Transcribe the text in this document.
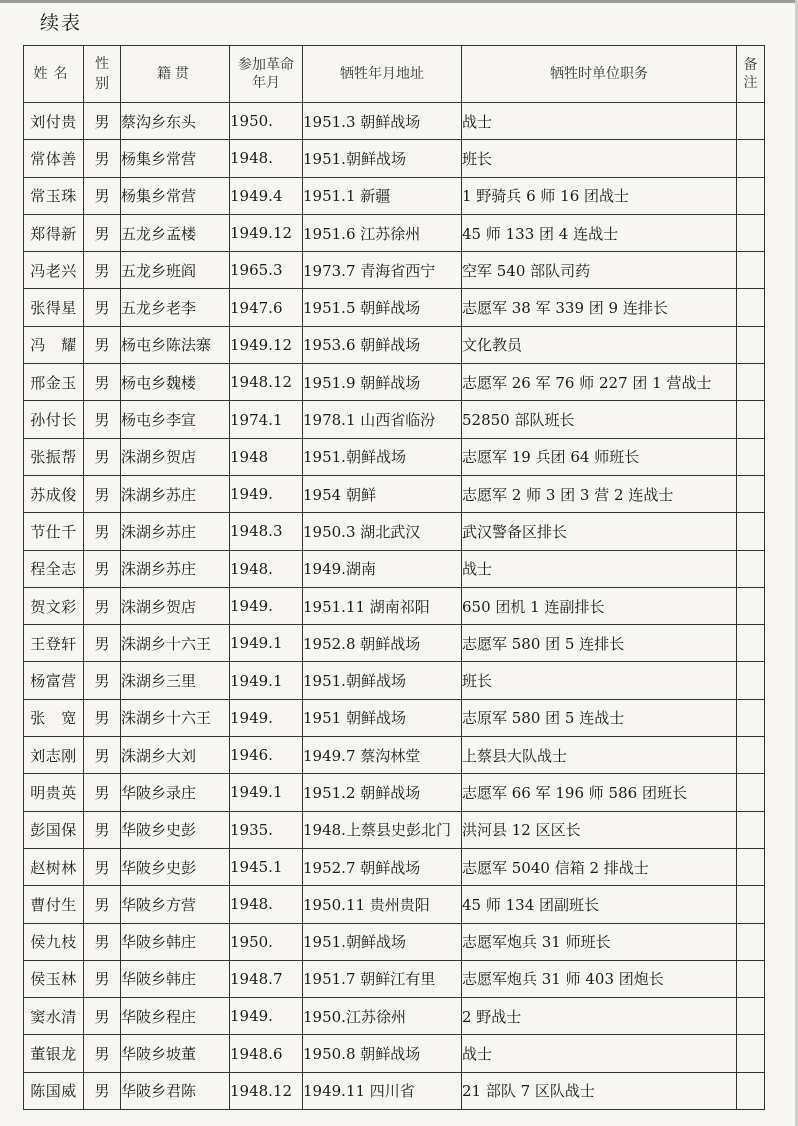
续表
姓名	性别	籍贯	参加革命年月	牺牲年月地址	牺牲时单位职务	备注

刘付贵	男	蔡沟乡东头	1950.	1951.3 朝鲜战场	战士	
常体善	男	杨集乡常营	1948.	1951.朝鲜战场	班长	
常玉珠	男	杨集乡常营	1949.4	1951.1 新疆	1 野骑兵 6 师 16 团战士	
郑得新	男	五龙乡孟楼	1949.12	1951.6 江苏徐州	45 师 133 团 4 连战士	
冯老兴	男	五龙乡班阎	1965.3	1973.7 青海省西宁	空军 540 部队司药	
张得星	男	五龙乡老李	1947.6	1951.5 朝鲜战场	志愿军 38 军 339 团 9 连排长	
冯　耀	男	杨屯乡陈法寨	1949.12	1953.6 朝鲜战场	文化教员	
邢金玉	男	杨屯乡魏楼	1948.12	1951.9 朝鲜战场	志愿军 26 军 76 师 227 团 1 营战士	
孙付长	男	杨屯乡李宣	1974.1	1978.1 山西省临汾	52850 部队班长	
张振帮	男	洙湖乡贺店	1948	1951.朝鲜战场	志愿军 19 兵团 64 师班长	
苏成俊	男	洙湖乡苏庄	1949.	1954 朝鲜	志愿军 2 师 3 团 3 营 2 连战士	
节仕千	男	洙湖乡苏庄	1948.3	1950.3 湖北武汉	武汉警备区排长	
程全志	男	洙湖乡苏庄	1948.	1949.湖南	战士	
贺文彩	男	洙湖乡贺店	1949.	1951.11 湖南祁阳	650 团机 1 连副排长	
王登轩	男	洙湖乡十六王	1949.1	1952.8 朝鲜战场	志愿军 580 团 5 连排长	
杨富营	男	洙湖乡三里	1949.1	1951.朝鲜战场	班长	
张　宽	男	洙湖乡十六王	1949.	1951 朝鲜战场	志原军 580 团 5 连战士	
刘志刚	男	洙湖乡大刘	1946.	1949.7 蔡沟林堂	上蔡县大队战士	
明贵英	男	华陂乡录庄	1949.1	1951.2 朝鲜战场	志愿军 66 军 196 师 586 团班长	
彭国保	男	华陂乡史彭	1935.	1948.上蔡县史彭北门	洪河县 12 区区长	
赵树林	男	华陂乡史彭	1945.1	1952.7 朝鲜战场	志愿军 5040 信箱 2 排战士	
曹付生	男	华陂乡方营	1948.	1950.11 贵州贵阳	45 师 134 团副班长	
侯九枝	男	华陂乡韩庄	1950.	1951.朝鲜战场	志愿军炮兵 31 师班长	
侯玉林	男	华陂乡韩庄	1948.7	1951.7 朝鲜江有里	志愿军炮兵 31 师 403 团炮长	
窦水清	男	华陂乡程庄	1949.	1950.江苏徐州	2 野战士	
董银龙	男	华陂乡坡董	1948.6	1950.8 朝鲜战场	战士	
陈国威	男	华陂乡君陈	1948.12	1949.11 四川省	21 部队 7 区队战士	
